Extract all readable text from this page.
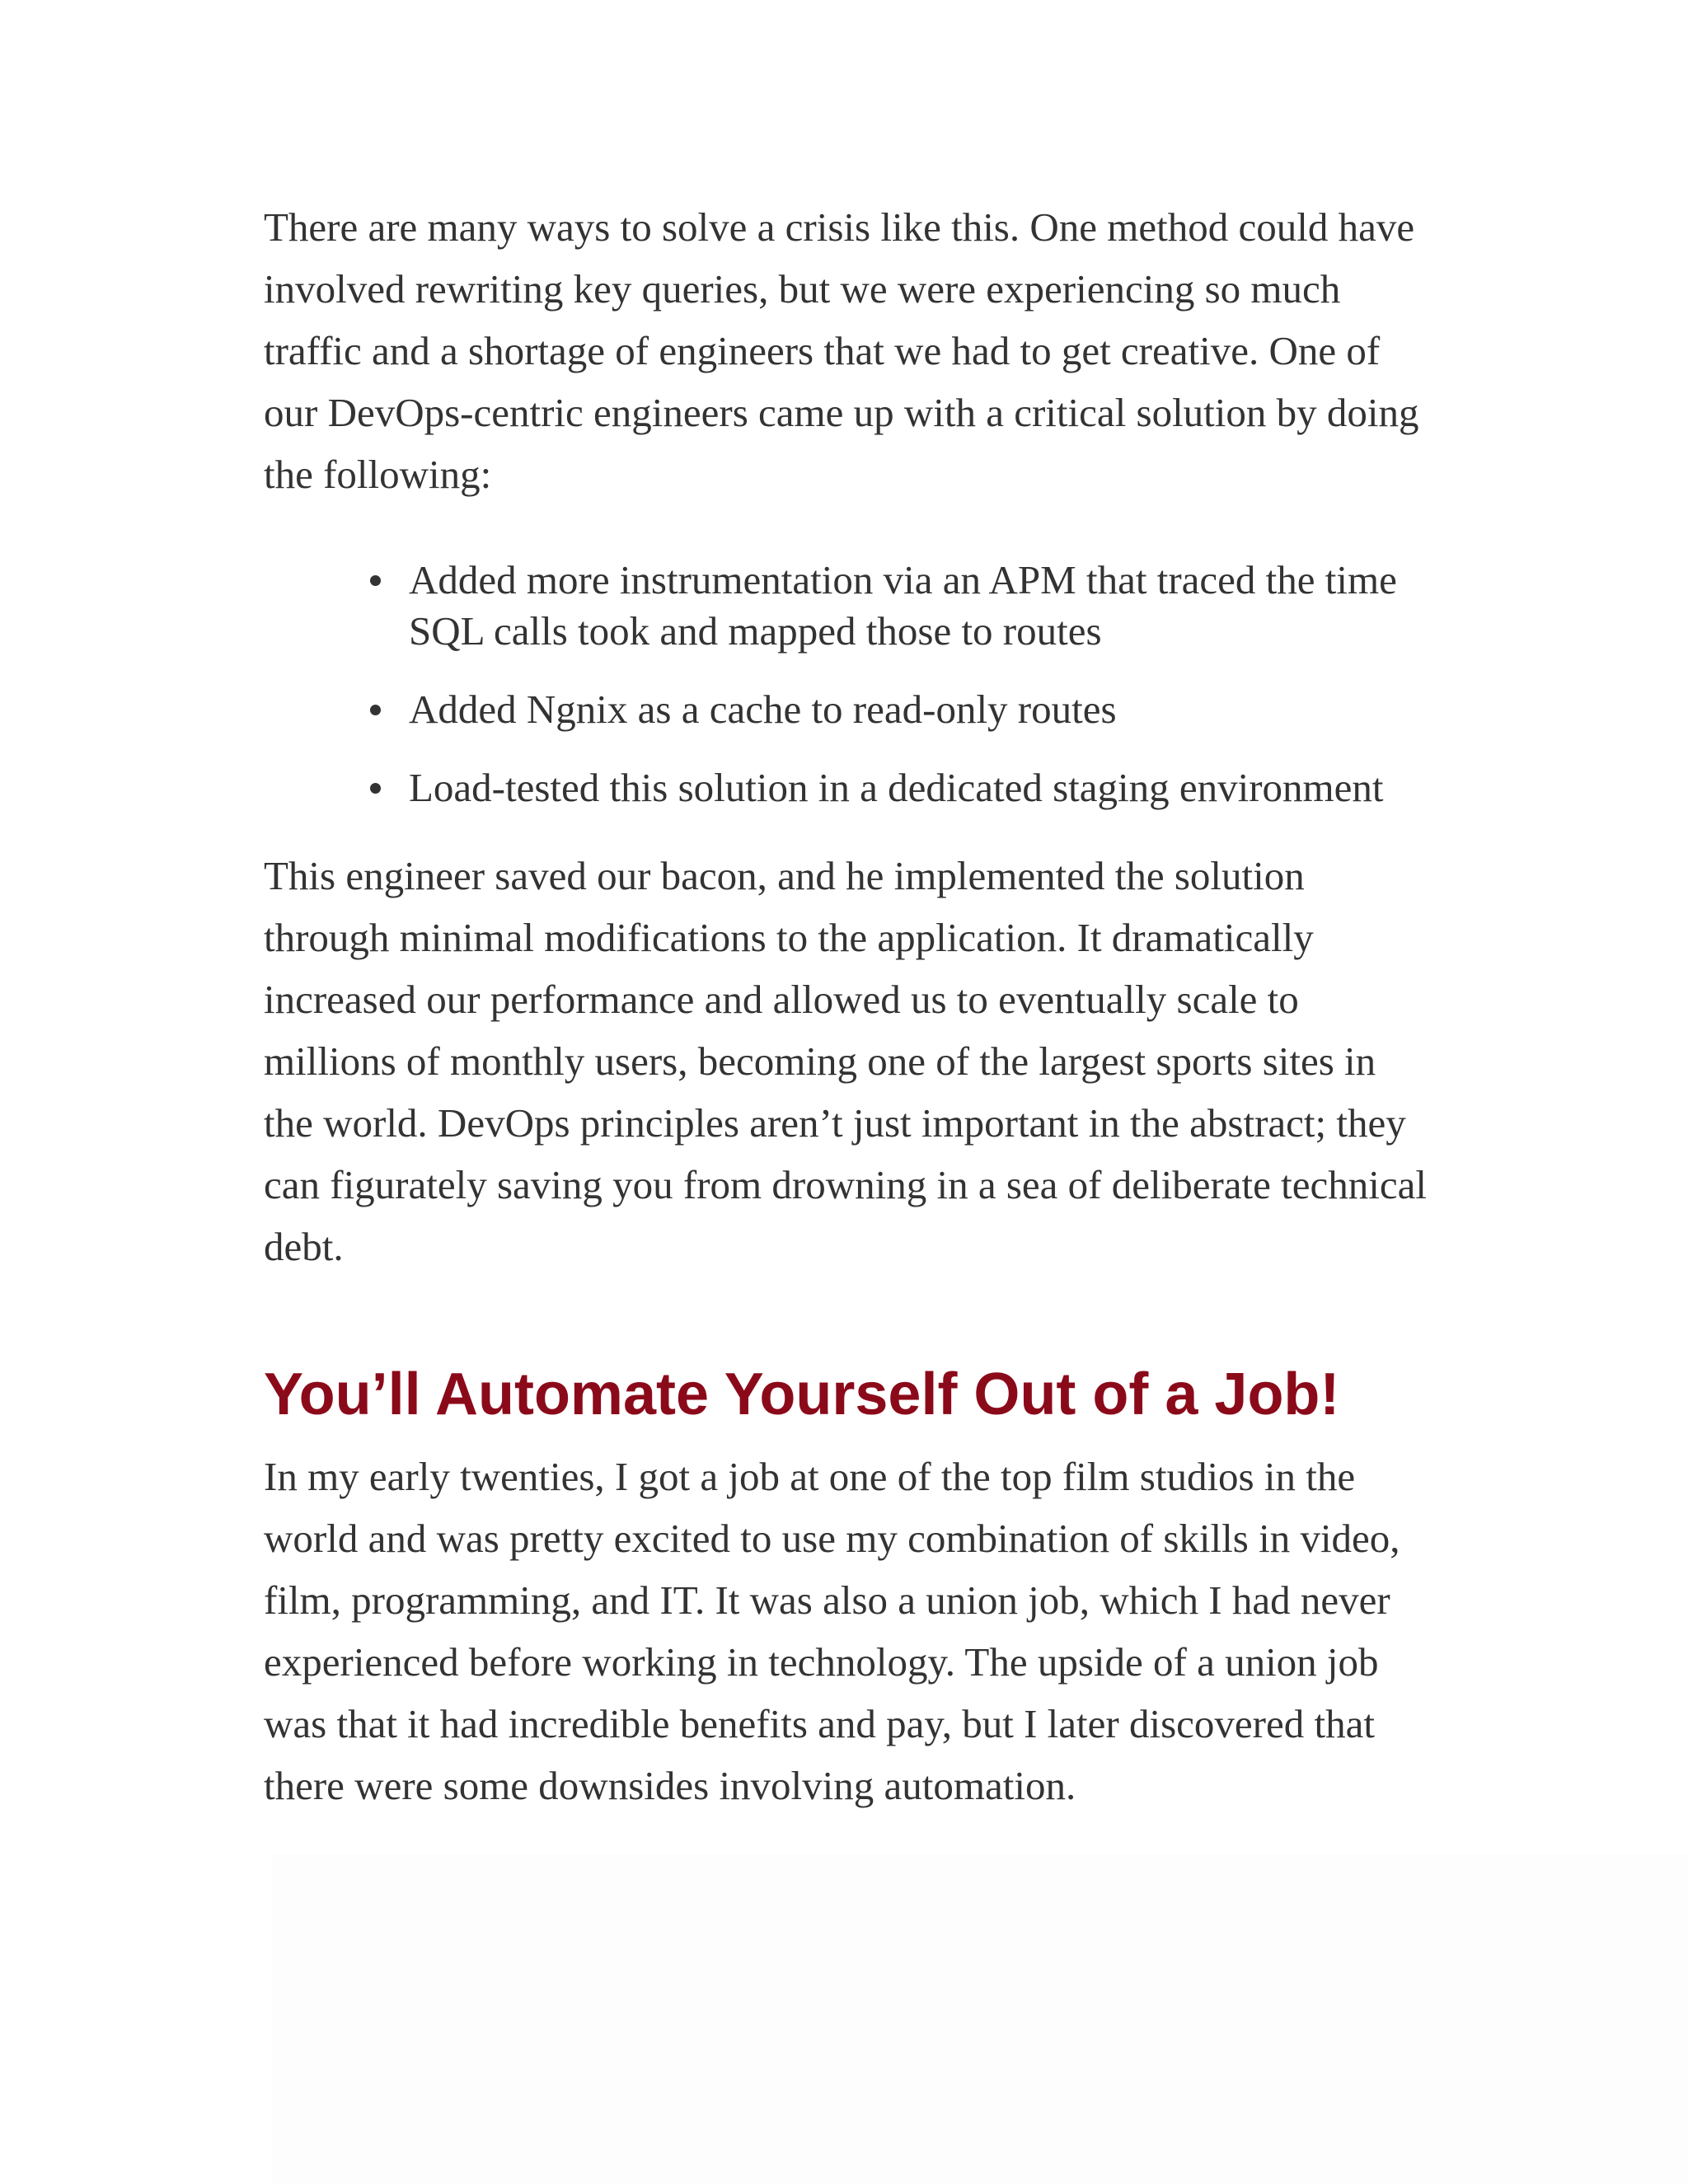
There are many ways to solve a crisis like this. One method could have involved rewriting key queries, but we were experiencing so much traffic and a shortage of engineers that we had to get creative. One of our DevOps-centric engineers came up with a critical solution by doing the following:

Added more instrumentation via an APM that traced the time SQL calls took and mapped those to routes
Added Ngnix as a cache to read-only routes
Load-tested this solution in a dedicated staging environment

This engineer saved our bacon, and he implemented the solution through minimal modifications to the application. It dramatically increased our performance and allowed us to eventually scale to millions of monthly users, becoming one of the largest sports sites in the world. DevOps principles aren’t just important in the abstract; they can figurately saving you from drowning in a sea of deliberate technical debt.

You’ll Automate Yourself Out of a Job!

In my early twenties, I got a job at one of the top film studios in the world and was pretty excited to use my combination of skills in video, film, programming, and IT. It was also a union job, which I had never experienced before working in technology. The upside of a union job was that it had incredible benefits and pay, but I later discovered that there were some downsides involving automation.
